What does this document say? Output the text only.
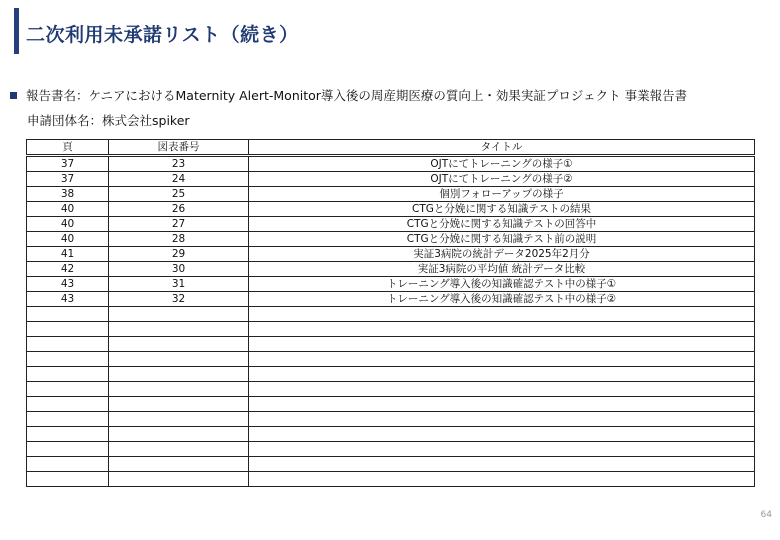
二次利用未承諾リスト（続き）
報告書名：ケニアにおけるMaternity Alert-Monitor導入後の周産期医療の質向上・効果実証プロジェクト 事業報告書
申請団体名：株式会社spiker
頁	図表番号	タイトル
37	23	OJTにてトレーニングの様子①
37	24	OJTにてトレーニングの様子②
38	25	個別フォローアップの様子
40	26	CTGと分娩に関する知識テストの結果
40	27	CTGと分娩に関する知識テストの回答中
40	28	CTGと分娩に関する知識テスト前の説明
41	29	実証3病院の統計データ2025年2月分
42	30	実証3病院の平均値 統計データ比較
43	31	トレーニング導入後の知識確認テスト中の様子①
43	32	トレーニング導入後の知識確認テスト中の様子②

64
